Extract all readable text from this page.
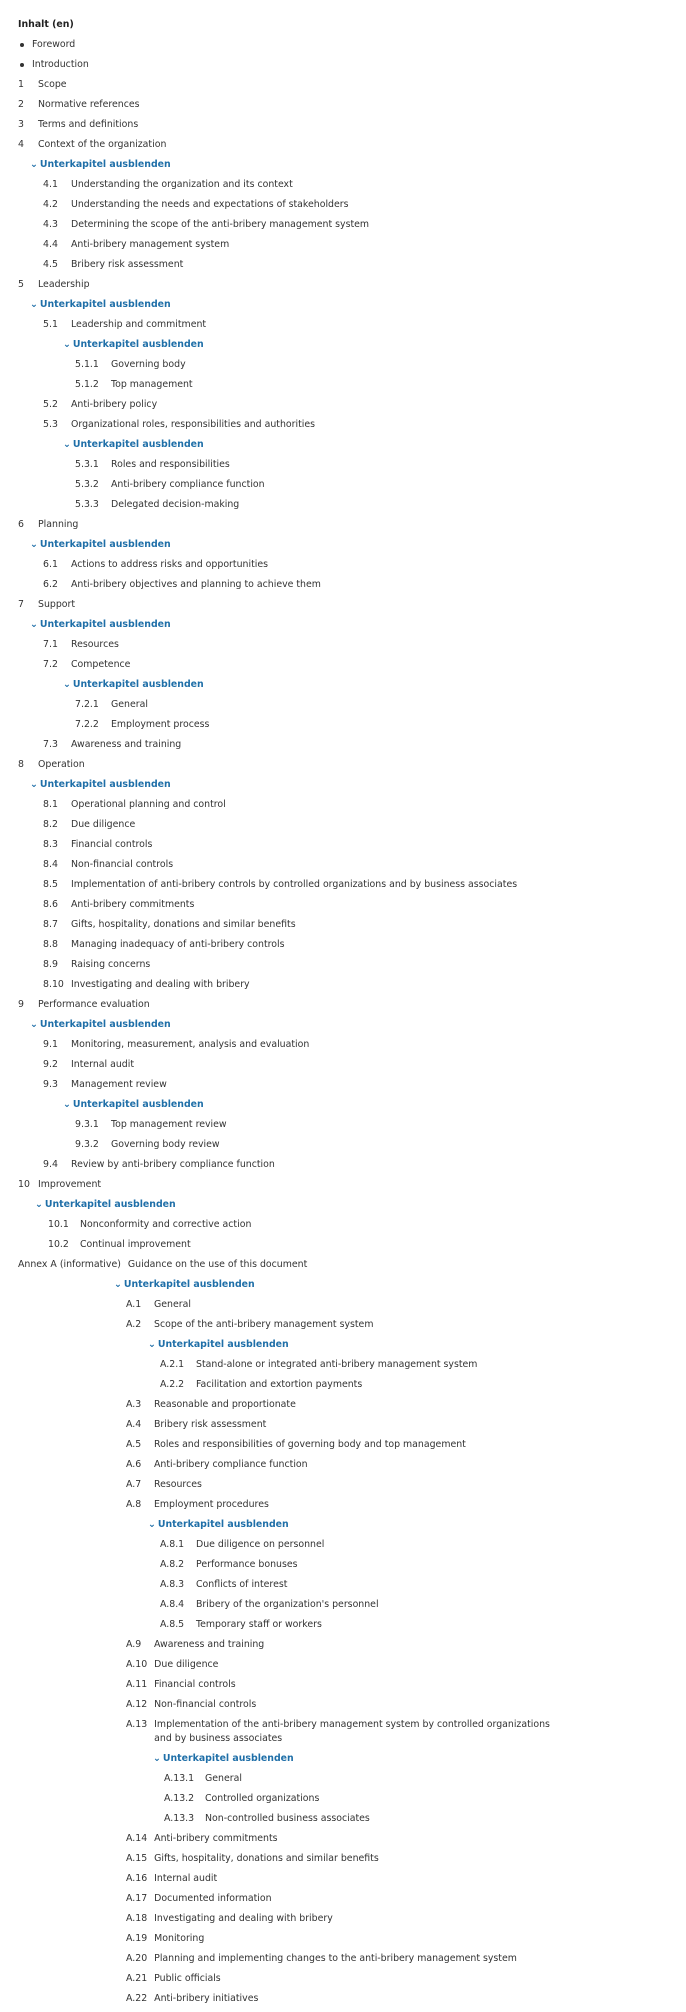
Inhalt (en)
Foreword
Introduction
1 Scope
2 Normative references
3 Terms and definitions
4 Context of the organization
⌄ Unterkapitel ausblenden
4.1 Understanding the organization and its context
4.2 Understanding the needs and expectations of stakeholders
4.3 Determining the scope of the anti-bribery management system
4.4 Anti-bribery management system
4.5 Bribery risk assessment
5 Leadership
⌄ Unterkapitel ausblenden
5.1 Leadership and commitment
⌄ Unterkapitel ausblenden
5.1.1 Governing body
5.1.2 Top management
5.2 Anti-bribery policy
5.3 Organizational roles, responsibilities and authorities
⌄ Unterkapitel ausblenden
5.3.1 Roles and responsibilities
5.3.2 Anti-bribery compliance function
5.3.3 Delegated decision-making
6 Planning
⌄ Unterkapitel ausblenden
6.1 Actions to address risks and opportunities
6.2 Anti-bribery objectives and planning to achieve them
7 Support
⌄ Unterkapitel ausblenden
7.1 Resources
7.2 Competence
⌄ Unterkapitel ausblenden
7.2.1 General
7.2.2 Employment process
7.3 Awareness and training
8 Operation
⌄ Unterkapitel ausblenden
8.1 Operational planning and control
8.2 Due diligence
8.3 Financial controls
8.4 Non-financial controls
8.5 Implementation of anti-bribery controls by controlled organizations and by business associates
8.6 Anti-bribery commitments
8.7 Gifts, hospitality, donations and similar benefits
8.8 Managing inadequacy of anti-bribery controls
8.9 Raising concerns
8.10 Investigating and dealing with bribery
9 Performance evaluation
⌄ Unterkapitel ausblenden
9.1 Monitoring, measurement, analysis and evaluation
9.2 Internal audit
9.3 Management review
⌄ Unterkapitel ausblenden
9.3.1 Top management review
9.3.2 Governing body review
9.4 Review by anti-bribery compliance function
10 Improvement
⌄ Unterkapitel ausblenden
10.1 Nonconformity and corrective action
10.2 Continual improvement
Annex A (informative) Guidance on the use of this document
⌄ Unterkapitel ausblenden
A.1 General
A.2 Scope of the anti-bribery management system
⌄ Unterkapitel ausblenden
A.2.1 Stand-alone or integrated anti-bribery management system
A.2.2 Facilitation and extortion payments
A.3 Reasonable and proportionate
A.4 Bribery risk assessment
A.5 Roles and responsibilities of governing body and top management
A.6 Anti-bribery compliance function
A.7 Resources
A.8 Employment procedures
⌄ Unterkapitel ausblenden
A.8.1 Due diligence on personnel
A.8.2 Performance bonuses
A.8.3 Conflicts of interest
A.8.4 Bribery of the organization's personnel
A.8.5 Temporary staff or workers
A.9 Awareness and training
A.10 Due diligence
A.11 Financial controls
A.12 Non-financial controls
A.13 Implementation of the anti-bribery management system by controlled organizations and by business associates
⌄ Unterkapitel ausblenden
A.13.1 General
A.13.2 Controlled organizations
A.13.3 Non-controlled business associates
A.14 Anti-bribery commitments
A.15 Gifts, hospitality, donations and similar benefits
A.16 Internal audit
A.17 Documented information
A.18 Investigating and dealing with bribery
A.19 Monitoring
A.20 Planning and implementing changes to the anti-bribery management system
A.21 Public officials
A.22 Anti-bribery initiatives
